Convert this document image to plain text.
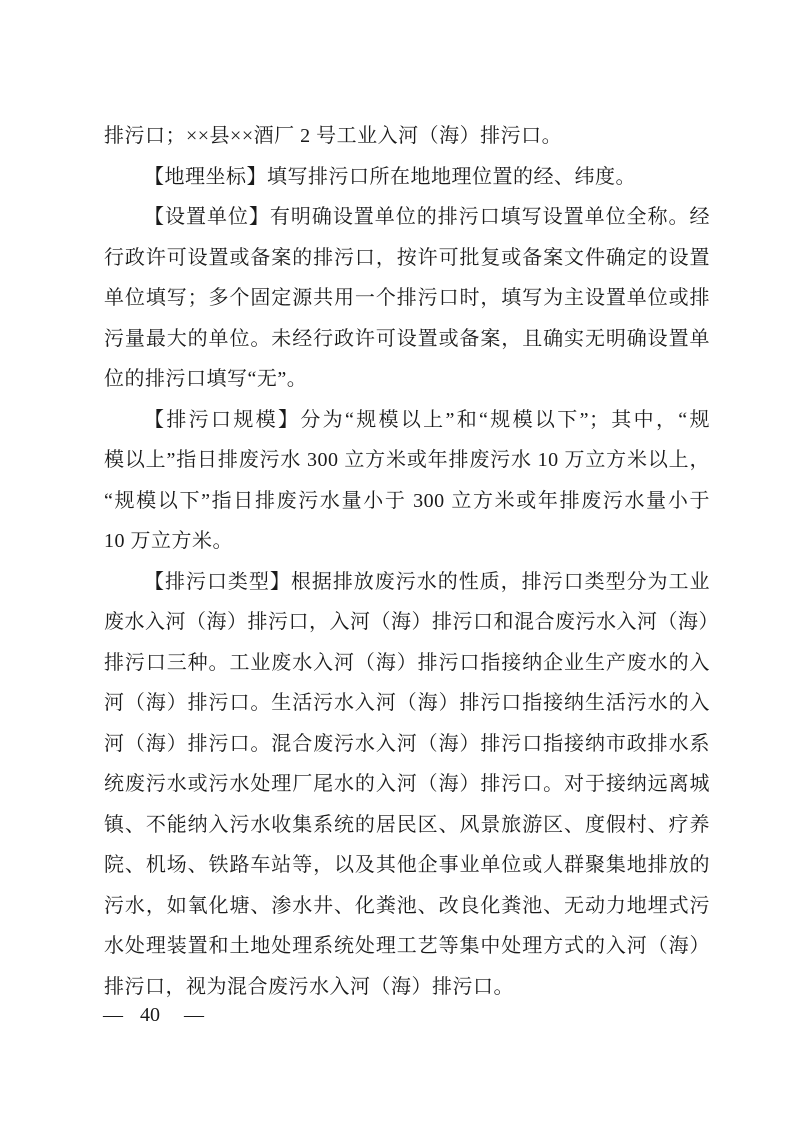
排污口；××县××酒厂 2 号工业入河（海）排污口。
【地理坐标】填写排污口所在地地理位置的经、纬度。
【设置单位】有明确设置单位的排污口填写设置单位全称。经
行政许可设置或备案的排污口，按许可批复或备案文件确定的设置
单位填写；多个固定源共用一个排污口时，填写为主设置单位或排
污量最大的单位。未经行政许可设置或备案，且确实无明确设置单
位的排污口填写“无”。
【排污口规模】分为“规模以上”和“规模以下”；其中，“规
模以上”指日排废污水 300 立方米或年排废污水 10 万立方米以上，
“规模以下”指日排废污水量小于 300 立方米或年排废污水量小于
10 万立方米。
【排污口类型】根据排放废污水的性质，排污口类型分为工业
废水入河（海）排污口，入河（海）排污口和混合废污水入河（海）
排污口三种。工业废水入河（海）排污口指接纳企业生产废水的入
河（海）排污口。生活污水入河（海）排污口指接纳生活污水的入
河（海）排污口。混合废污水入河（海）排污口指接纳市政排水系
统废污水或污水处理厂尾水的入河（海）排污口。对于接纳远离城
镇、不能纳入污水收集系统的居民区、风景旅游区、度假村、疗养
院、机场、铁路车站等，以及其他企事业单位或人群聚集地排放的
污水，如氧化塘、渗水井、化粪池、改良化粪池、无动力地埋式污
水处理装置和土地处理系统处理工艺等集中处理方式的入河（海）
排污口，视为混合废污水入河（海）排污口。
— 40 —
